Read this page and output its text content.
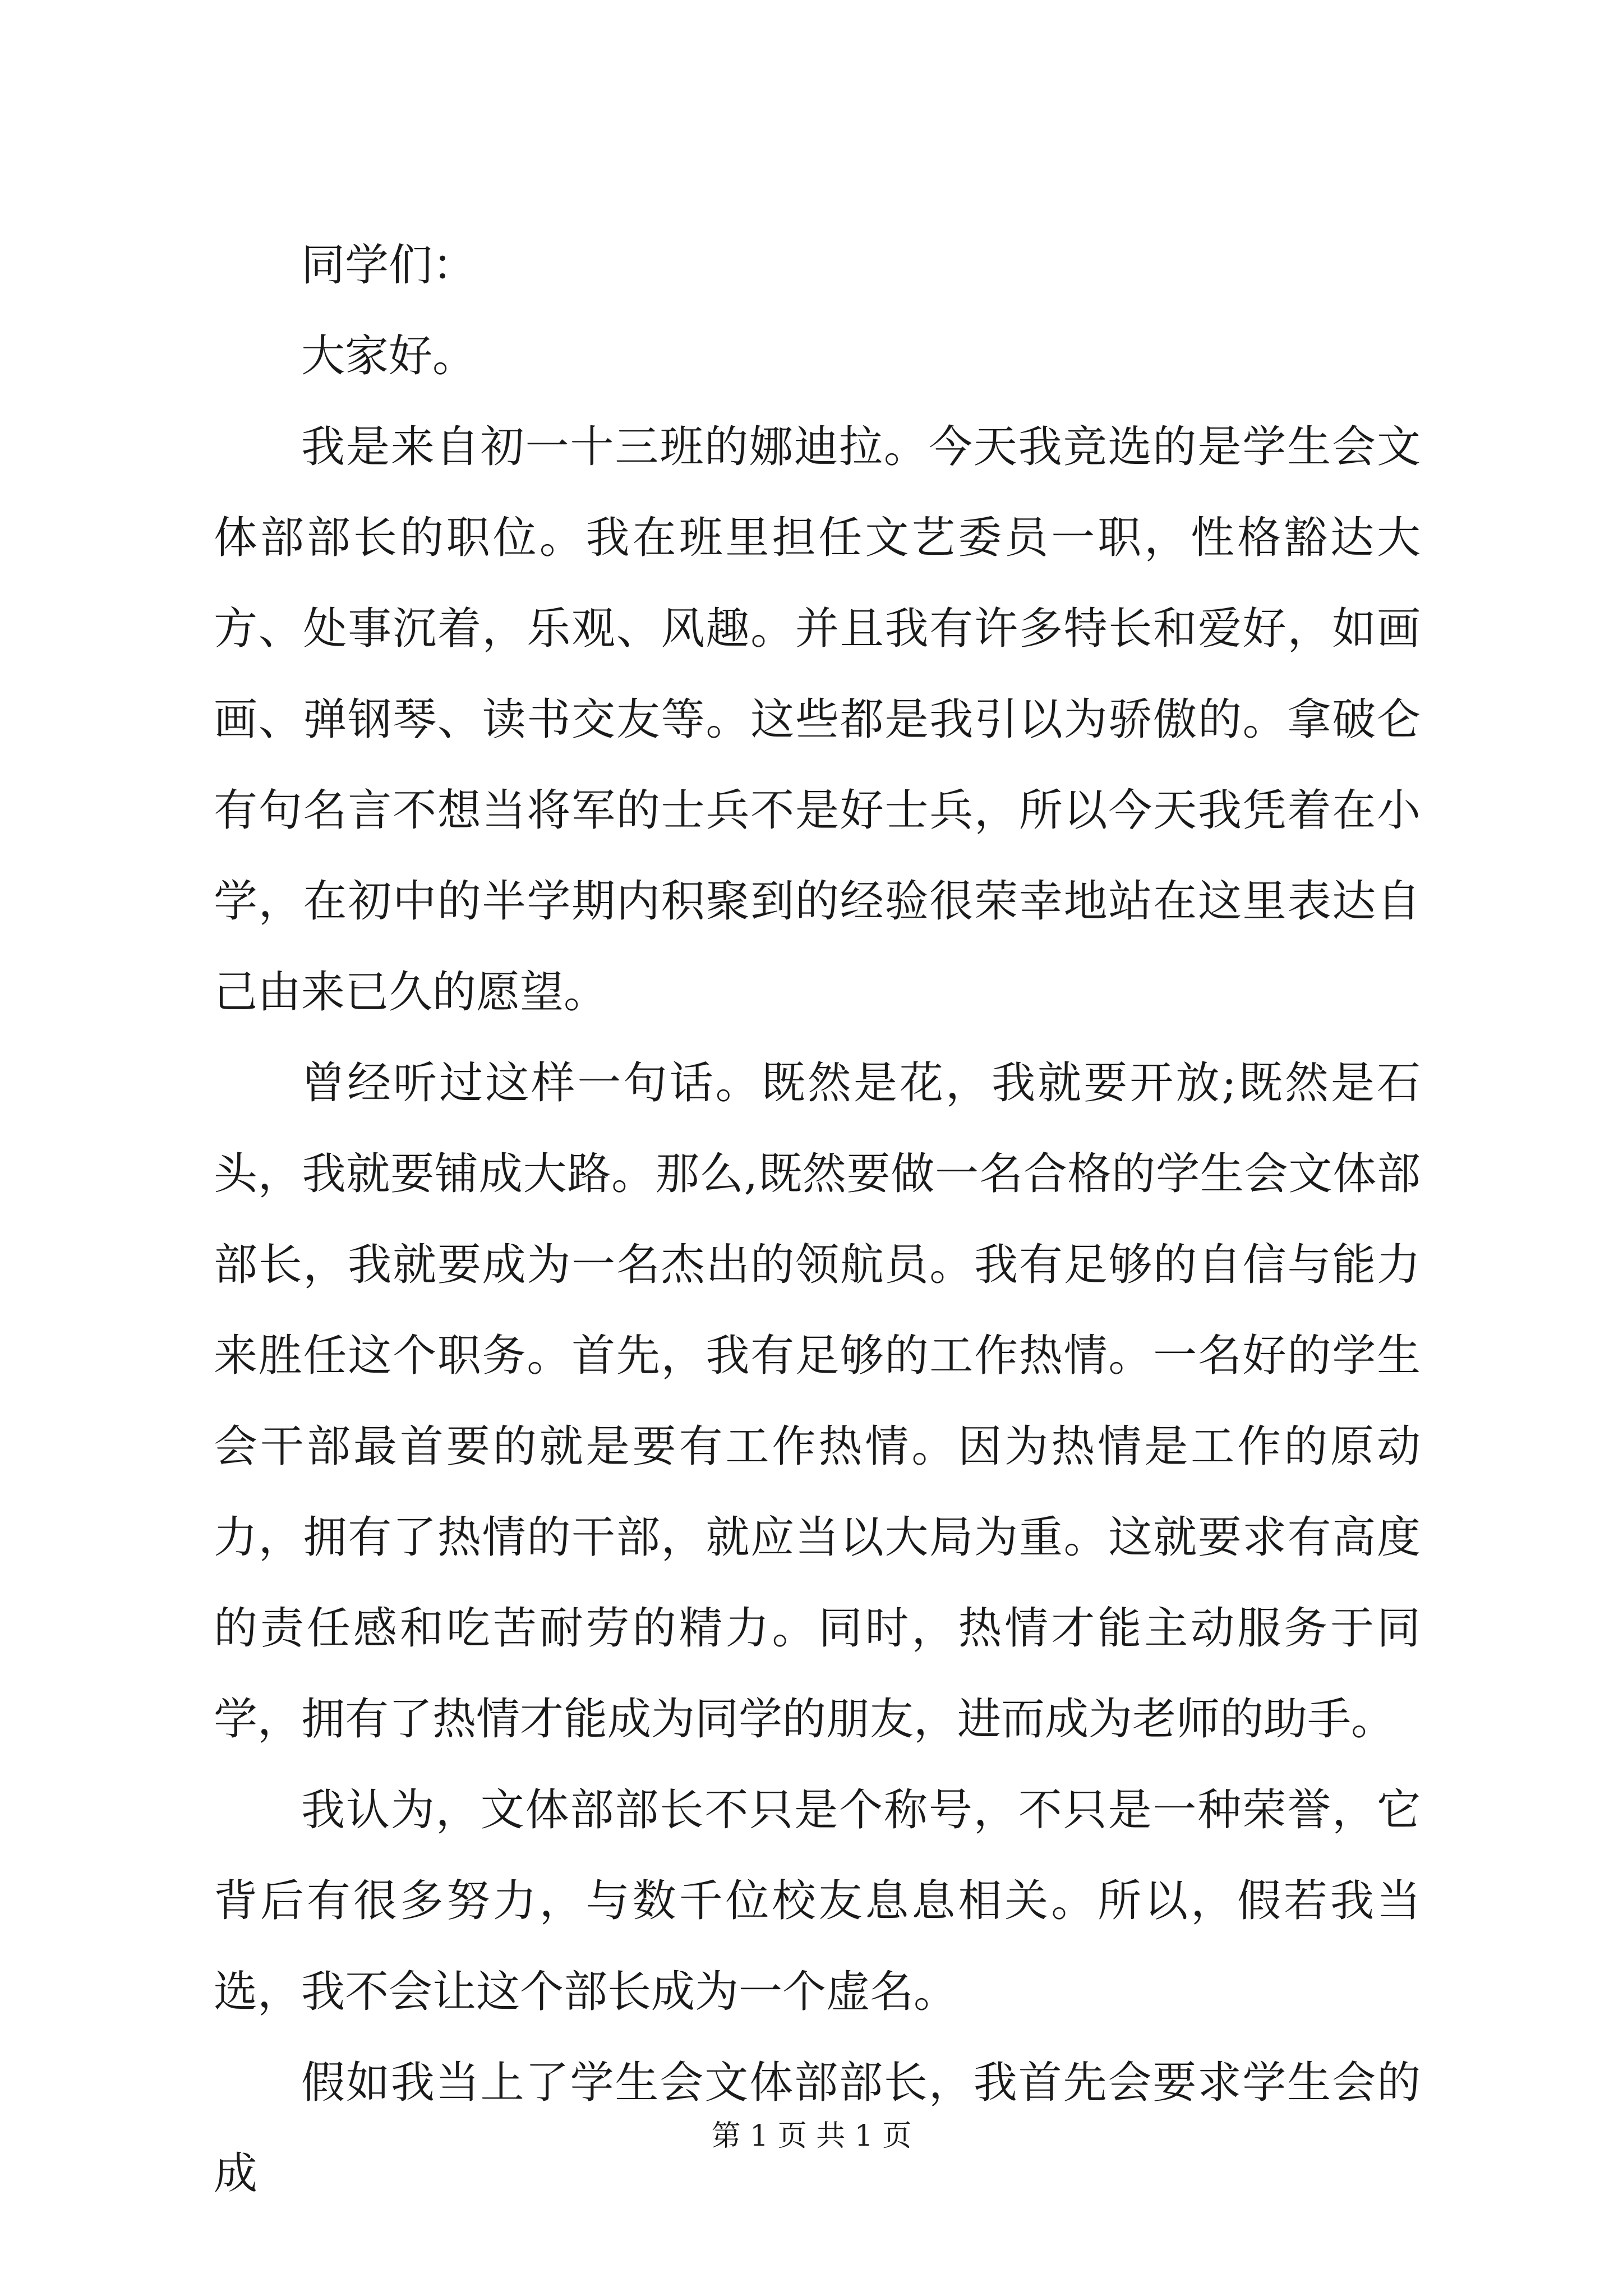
同学们：

大家好。

我是来自初一十三班的娜迪拉。今天我竞选的是学生会文体部部长的职位。我在班里担任文艺委员一职，性格豁达大方、处事沉着，乐观、风趣。并且我有许多特长和爱好，如画画、弹钢琴、读书交友等。这些都是我引以为骄傲的。拿破仑有句名言不想当将军的士兵不是好士兵，所以今天我凭着在小学，在初中的半学期内积聚到的经验很荣幸地站在这里表达自己由来已久的愿望。

曾经听过这样一句话。既然是花，我就要开放;既然是石头，我就要铺成大路。那么,既然要做一名合格的学生会文体部部长，我就要成为一名杰出的领航员。我有足够的自信与能力来胜任这个职务。首先，我有足够的工作热情。一名好的学生会干部最首要的就是要有工作热情。因为热情是工作的原动力，拥有了热情的干部，就应当以大局为重。这就要求有高度的责任感和吃苦耐劳的精力。同时，热情才能主动服务于同学，拥有了热情才能成为同学的朋友，进而成为老师的助手。

我认为，文体部部长不只是个称号，不只是一种荣誉，它背后有很多努力，与数千位校友息息相关。所以，假若我当选，我不会让这个部长成为一个虚名。

假如我当上了学生会文体部部长，我首先会要求学生会的成

第 1 页 共 1 页
